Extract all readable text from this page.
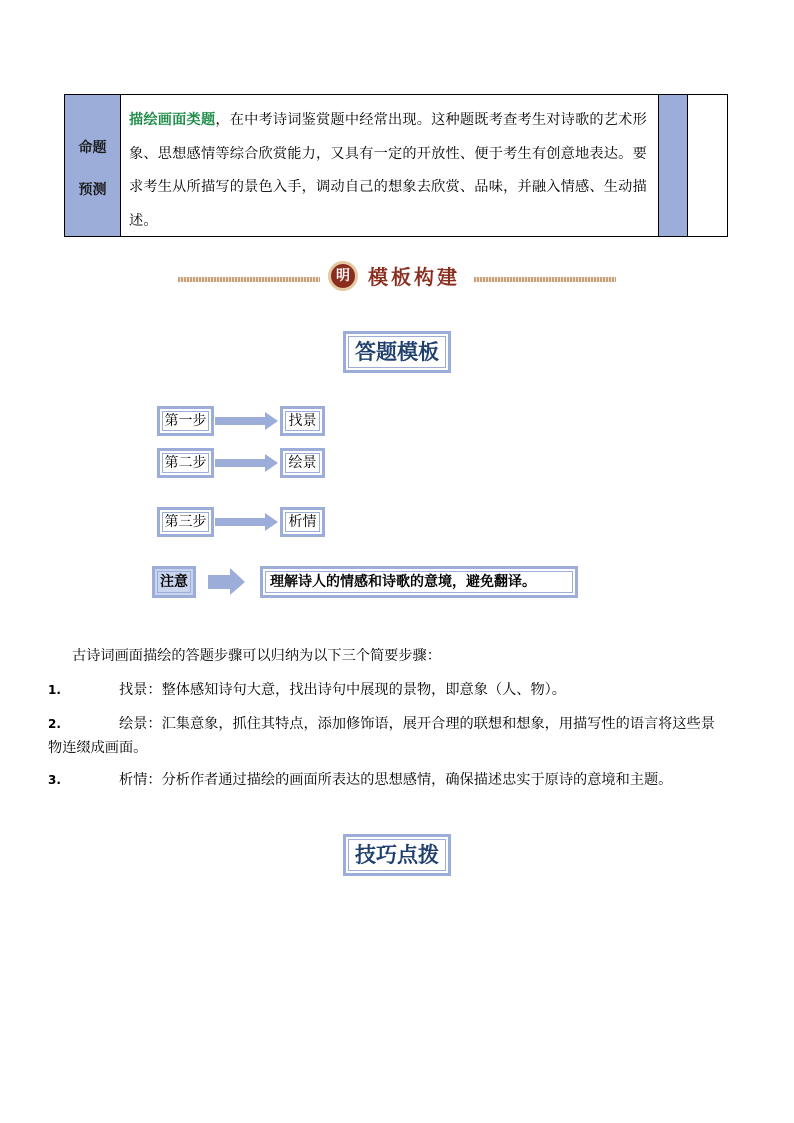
命题
预测
描绘画面类题，在中考诗词鉴赏题中经常出现。这种题既考查考生对诗歌的艺术形象、思想感情等综合欣赏能力，又具有一定的开放性、便于考生有创意地表达。要求考生从所描写的景色入手，调动自己的想象去欣赏、品味，并融入情感、生动描述。
明 模板构建
答题模板
第一步	找景
第二步	绘景
第三步	析情
注意	理解诗人的情感和诗歌的意境，避免翻译。
古诗词画面描绘的答题步骤可以归纳为以下三个简要步骤：
1.	找景：整体感知诗句大意，找出诗句中展现的景物，即意象（人、物）。
2.	绘景：汇集意象，抓住其特点，添加修饰语，展开合理的联想和想象，用描写性的语言将这些景物连缀成画面。
3.	析情：分析作者通过描绘的画面所表达的思想感情，确保描述忠实于原诗的意境和主题。
技巧点拨
